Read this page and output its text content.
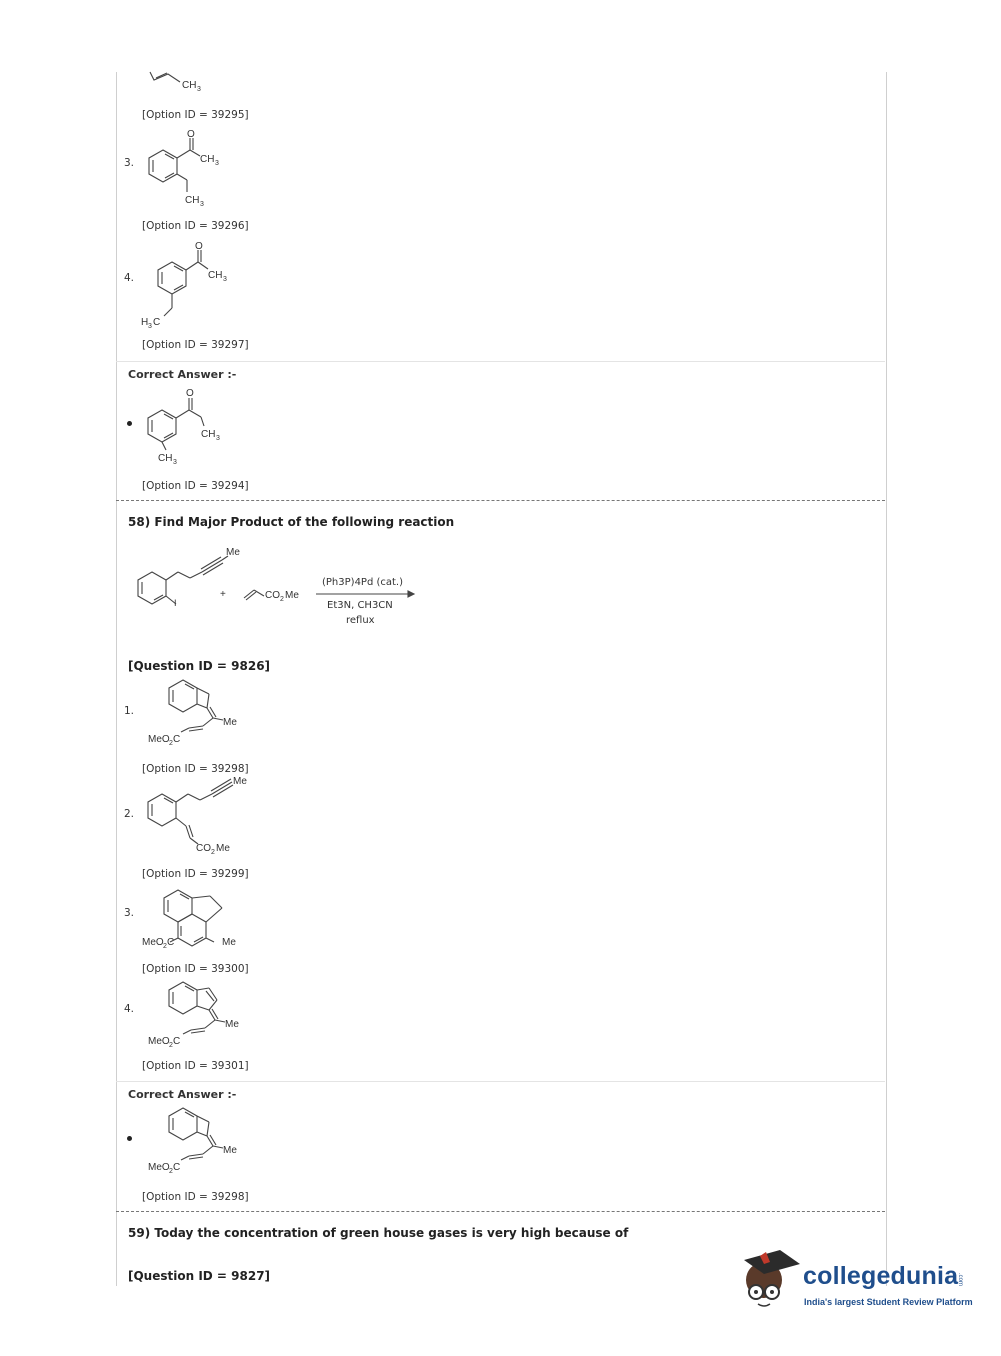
CH 3
[Option ID = 39295]
3.
O
CH 3
CH 3
[Option ID = 39296]
4.
O
CH 3
H 3 C
[Option ID = 39297]
Correct Answer :-
O
CH 3
CH 3
[Option ID = 39294]
58) Find Major Product of the following reaction
Me
I
+	CO 2 Me
(Ph3P)4Pd (cat.)
Et3N, CH3CN
reflux
[Question ID = 9826]
1.
Me
MeO 2 C
[Option ID = 39298]
2.
Me
CO 2 Me
[Option ID = 39299]
3.
MeO 2 C	Me
[Option ID = 39300]
4.
Me
MeO 2 C
[Option ID = 39301]
Correct Answer :-
Me
MeO 2 C
[Option ID = 39298]
59) Today the concentration of green house gases is very high because of
[Question ID = 9827]	collegedunia
.com
India's largest Student Review Platform
